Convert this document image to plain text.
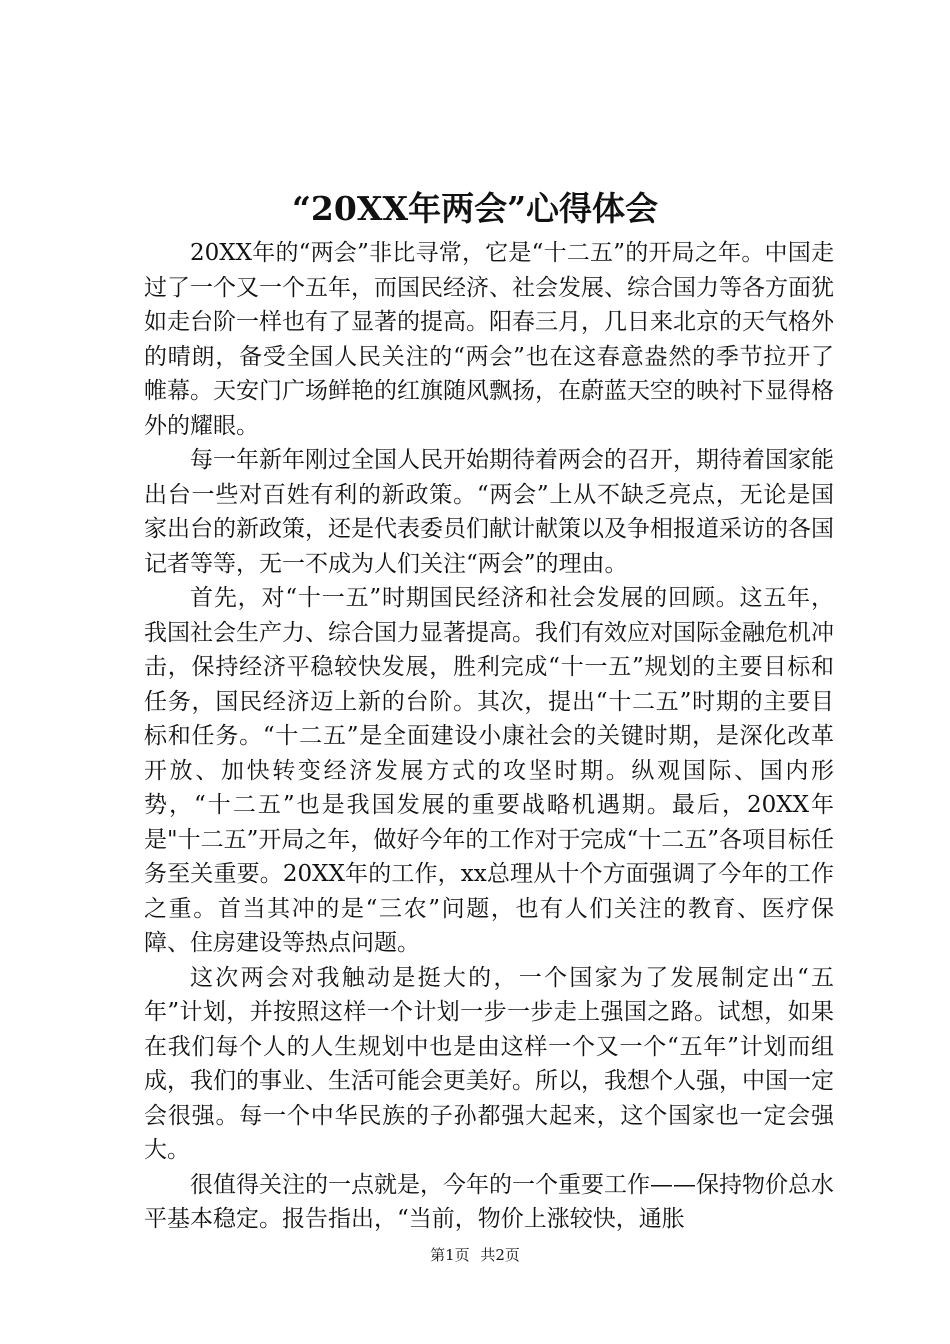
“20XX年两会”心得体会

20XX年的“两会”非比寻常，它是“十二五”的开局之年。中国走过了一个又一个五年，而国民经济、社会发展、综合国力等各方面犹如走台阶一样也有了显著的提高。阳春三月，几日来北京的天气格外的晴朗，备受全国人民关注的“两会”也在这春意盎然的季节拉开了帷幕。天安门广场鲜艳的红旗随风飘扬，在蔚蓝天空的映衬下显得格外的耀眼。

每一年新年刚过全国人民开始期待着两会的召开，期待着国家能出台一些对百姓有利的新政策。“两会”上从不缺乏亮点，无论是国家出台的新政策，还是代表委员们献计献策以及争相报道采访的各国记者等等，无一不成为人们关注“两会”的理由。

首先，对“十一五”时期国民经济和社会发展的回顾。这五年，我国社会生产力、综合国力显著提高。我们有效应对国际金融危机冲击，保持经济平稳较快发展，胜利完成“十一五”规划的主要目标和任务，国民经济迈上新的台阶。其次，提出“十二五”时期的主要目标和任务。“十二五”是全面建设小康社会的关键时期，是深化改革开放、加快转变经济发展方式的攻坚时期。纵观国际、国内形势，“十二五”也是我国发展的重要战略机遇期。最后，20XX年是"十二五”开局之年，做好今年的工作对于完成“十二五”各项目标任务至关重要。20XX年的工作，xx总理从十个方面强调了今年的工作之重。首当其冲的是“三农”问题，也有人们关注的教育、医疗保障、住房建设等热点问题。

这次两会对我触动是挺大的，一个国家为了发展制定出“五年”计划，并按照这样一个计划一步一步走上强国之路。试想，如果在我们每个人的人生规划中也是由这样一个又一个“五年”计划而组成，我们的事业、生活可能会更美好。所以，我想个人强，中国一定会很强。每一个中华民族的子孙都强大起来，这个国家也一定会强大。

很值得关注的一点就是，今年的一个重要工作——保持物价总水平基本稳定。报告指出，“当前，物价上涨较快，通胀

第1页 共2页
